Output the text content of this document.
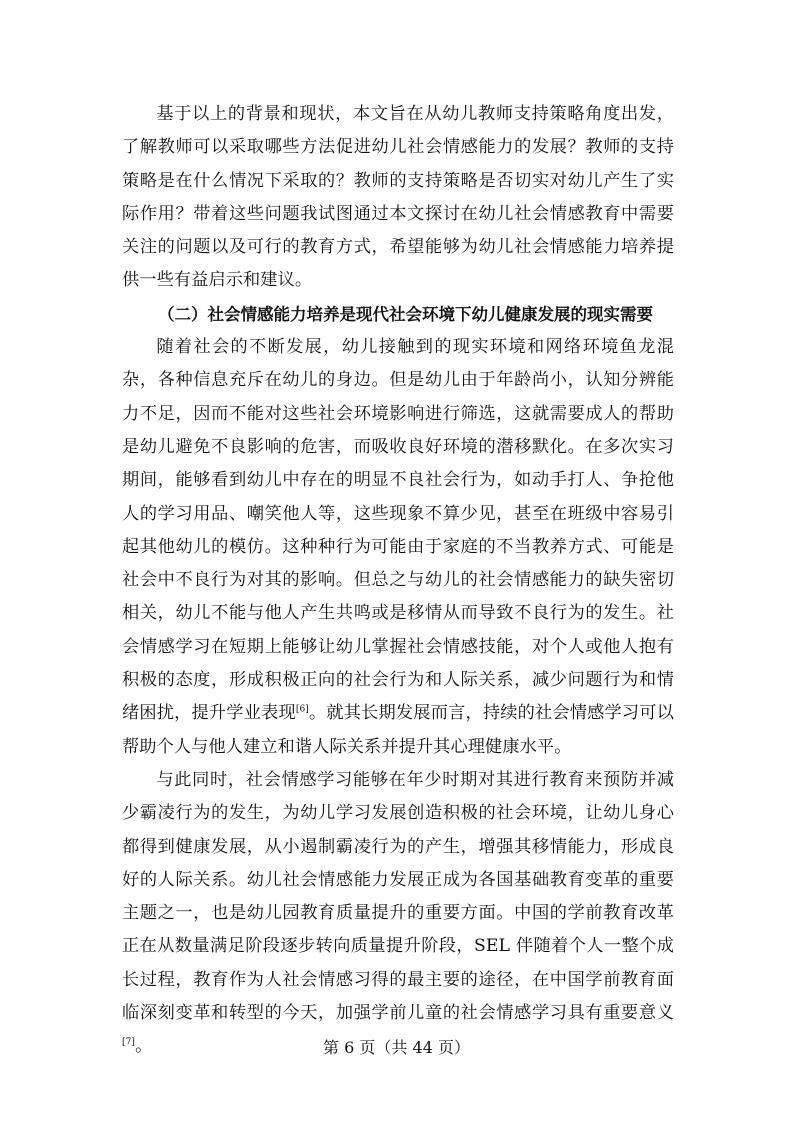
基于以上的背景和现状，本文旨在从幼儿教师支持策略角度出发，了解教师可以采取哪些方法促进幼儿社会情感能力的发展？教师的支持策略是在什么情况下采取的？教师的支持策略是否切实对幼儿产生了实际作用？带着这些问题我试图通过本文探讨在幼儿社会情感教育中需要关注的问题以及可行的教育方式，希望能够为幼儿社会情感能力培养提供一些有益启示和建议。

（二）社会情感能力培养是现代社会环境下幼儿健康发展的现实需要

随着社会的不断发展，幼儿接触到的现实环境和网络环境鱼龙混杂，各种信息充斥在幼儿的身边。但是幼儿由于年龄尚小，认知分辨能力不足，因而不能对这些社会环境影响进行筛选，这就需要成人的帮助是幼儿避免不良影响的危害，而吸收良好环境的潜移默化。在多次实习期间，能够看到幼儿中存在的明显不良社会行为，如动手打人、争抢他人的学习用品、嘲笑他人等，这些现象不算少见，甚至在班级中容易引起其他幼儿的模仿。这种种行为可能由于家庭的不当教养方式、可能是社会中不良行为对其的影响。但总之与幼儿的社会情感能力的缺失密切相关，幼儿不能与他人产生共鸣或是移情从而导致不良行为的发生。社会情感学习在短期上能够让幼儿掌握社会情感技能，对个人或他人抱有积极的态度，形成积极正向的社会行为和人际关系，减少问题行为和情绪困扰，提升学业表现[6]。就其长期发展而言，持续的社会情感学习可以帮助个人与他人建立和谐人际关系并提升其心理健康水平。

与此同时，社会情感学习能够在年少时期对其进行教育来预防并减少霸凌行为的发生，为幼儿学习发展创造积极的社会环境，让幼儿身心都得到健康发展，从小遏制霸凌行为的产生，增强其移情能力，形成良好的人际关系。幼儿社会情感能力发展正成为各国基础教育变革的重要主题之一，也是幼儿园教育质量提升的重要方面。中国的学前教育改革正在从数量满足阶段逐步转向质量提升阶段，SEL 伴随着个人一整个成长过程，教育作为人社会情感习得的最主要的途径，在中国学前教育面临深刻变革和转型的今天，加强学前儿童的社会情感学习具有重要意义[7]。	第 6 页（共 44 页）
